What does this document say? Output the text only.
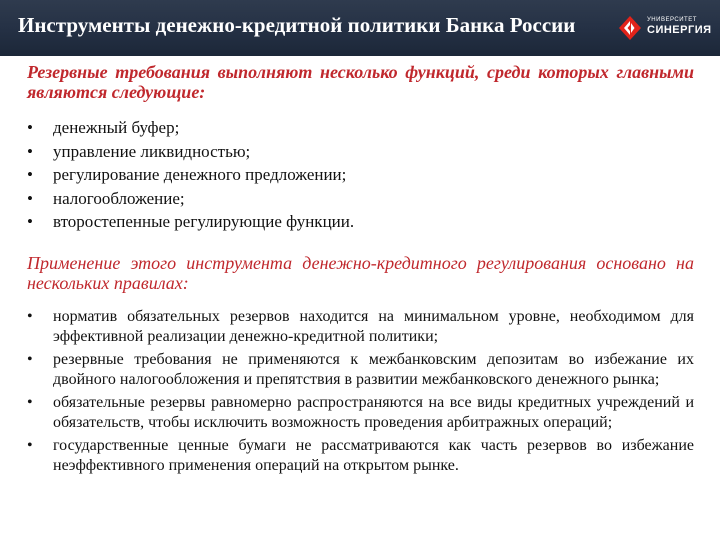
Инструменты денежно-кредитной политики Банка России	УНИВЕРСИТЕТ
СИНЕРГИЯ
Резервные требования выполняют несколько функций, среди которых главными являются следующие:
• денежный буфер;
• управление ликвидностью;
• регулирование денежного предложении;
• налогообложение;
• второстепенные регулирующие функции.
Применение этого инструмента денежно-кредитного регулирования основано на нескольких правилах:
• норматив обязательных резервов находится на минимальном уровне, необходимом для эффективной реализации денежно-кредитной политики;
• резервные требования не применяются к межбанковским депозитам во избежание их двойного налогообложения и препятствия в развитии межбанковского денежного рынка;
• обязательные резервы равномерно распространяются на все виды кредитных учреждений и обязательств, чтобы исключить возможность проведения арбитражных операций;
• государственные ценные бумаги не рассматриваются как часть резервов во избежание неэффективного применения операций на открытом рынке.
